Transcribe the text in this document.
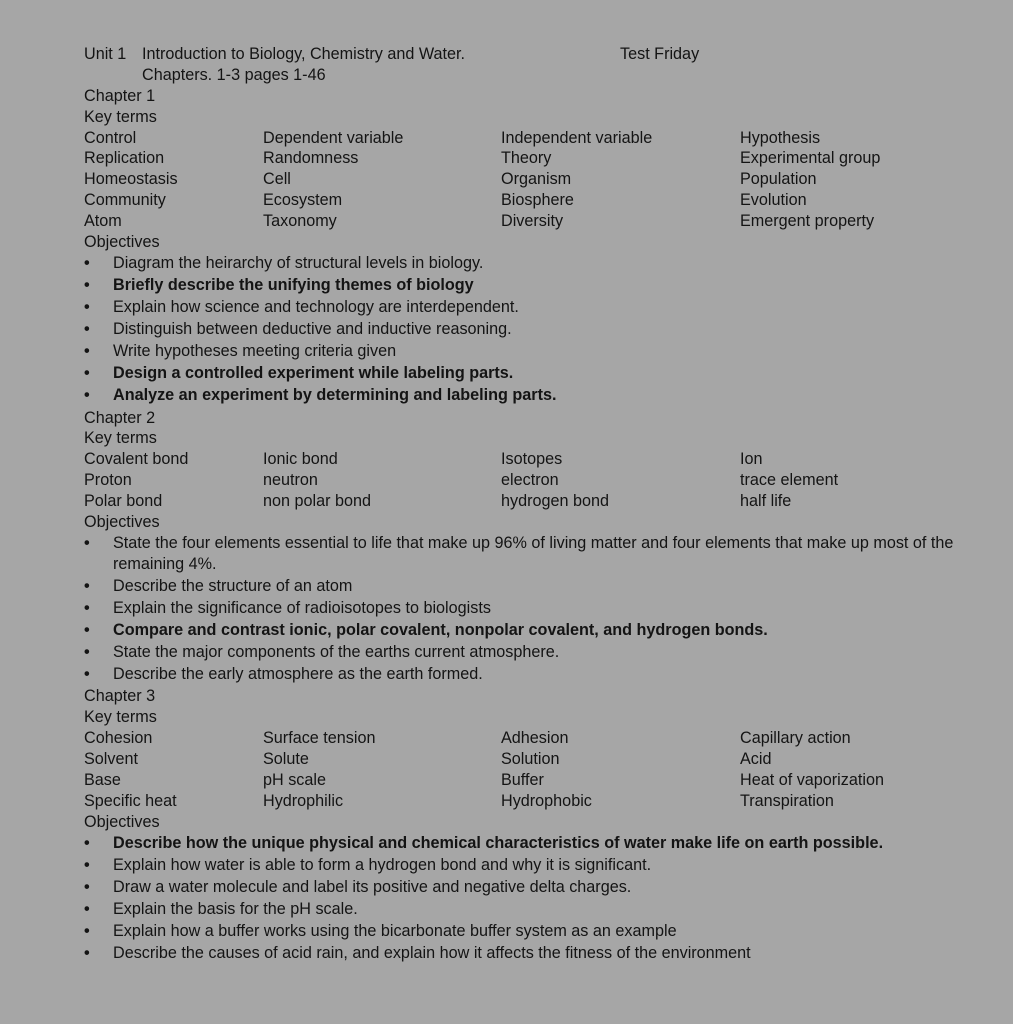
Unit 1 Introduction to Biology, Chemistry and Water.	Test Friday
Chapters. 1-3 pages 1-46
Chapter 1
Key terms
Control	Dependent variable	Independent variable	Hypothesis
Replication	Randomness	Theory	Experimental group
Homeostasis	Cell	Organism	Population
Community	Ecosystem	Biosphere	Evolution
Atom	Taxonomy	Diversity	Emergent property
Objectives
• Diagram the heirarchy of structural levels in biology.
• Briefly describe the unifying themes of biology
• Explain how science and technology are interdependent.
• Distinguish between deductive and inductive reasoning.
• Write hypotheses meeting criteria given
• Design a controlled experiment while labeling parts.
• Analyze an experiment by determining and labeling parts.
Chapter 2
Key terms
Covalent bond	Ionic bond	Isotopes	Ion
Proton	neutron	electron	trace element
Polar bond	non polar bond	hydrogen bond	half life
Objectives
• State the four elements essential to life that make up 96% of living matter and four elements that make up most of the remaining 4%.
• Describe the structure of an atom
• Explain the significance of radioisotopes to biologists
• Compare and contrast ionic, polar covalent, nonpolar covalent, and hydrogen bonds.
• State the major components of the earths current atmosphere.
• Describe the early atmosphere as the earth formed.
Chapter 3
Key terms
Cohesion	Surface tension	Adhesion	Capillary action
Solvent	Solute	Solution	Acid
Base	pH scale	Buffer	Heat of vaporization
Specific heat	Hydrophilic	Hydrophobic	Transpiration
Objectives
• Describe how the unique physical and chemical characteristics of water make life on earth possible.
• Explain how water is able to form a hydrogen bond and why it is significant.
• Draw a water molecule and label its positive and negative delta charges.
• Explain the basis for the pH scale.
• Explain how a buffer works using the bicarbonate buffer system as an example
• Describe the causes of acid rain, and explain how it affects the fitness of the environment
